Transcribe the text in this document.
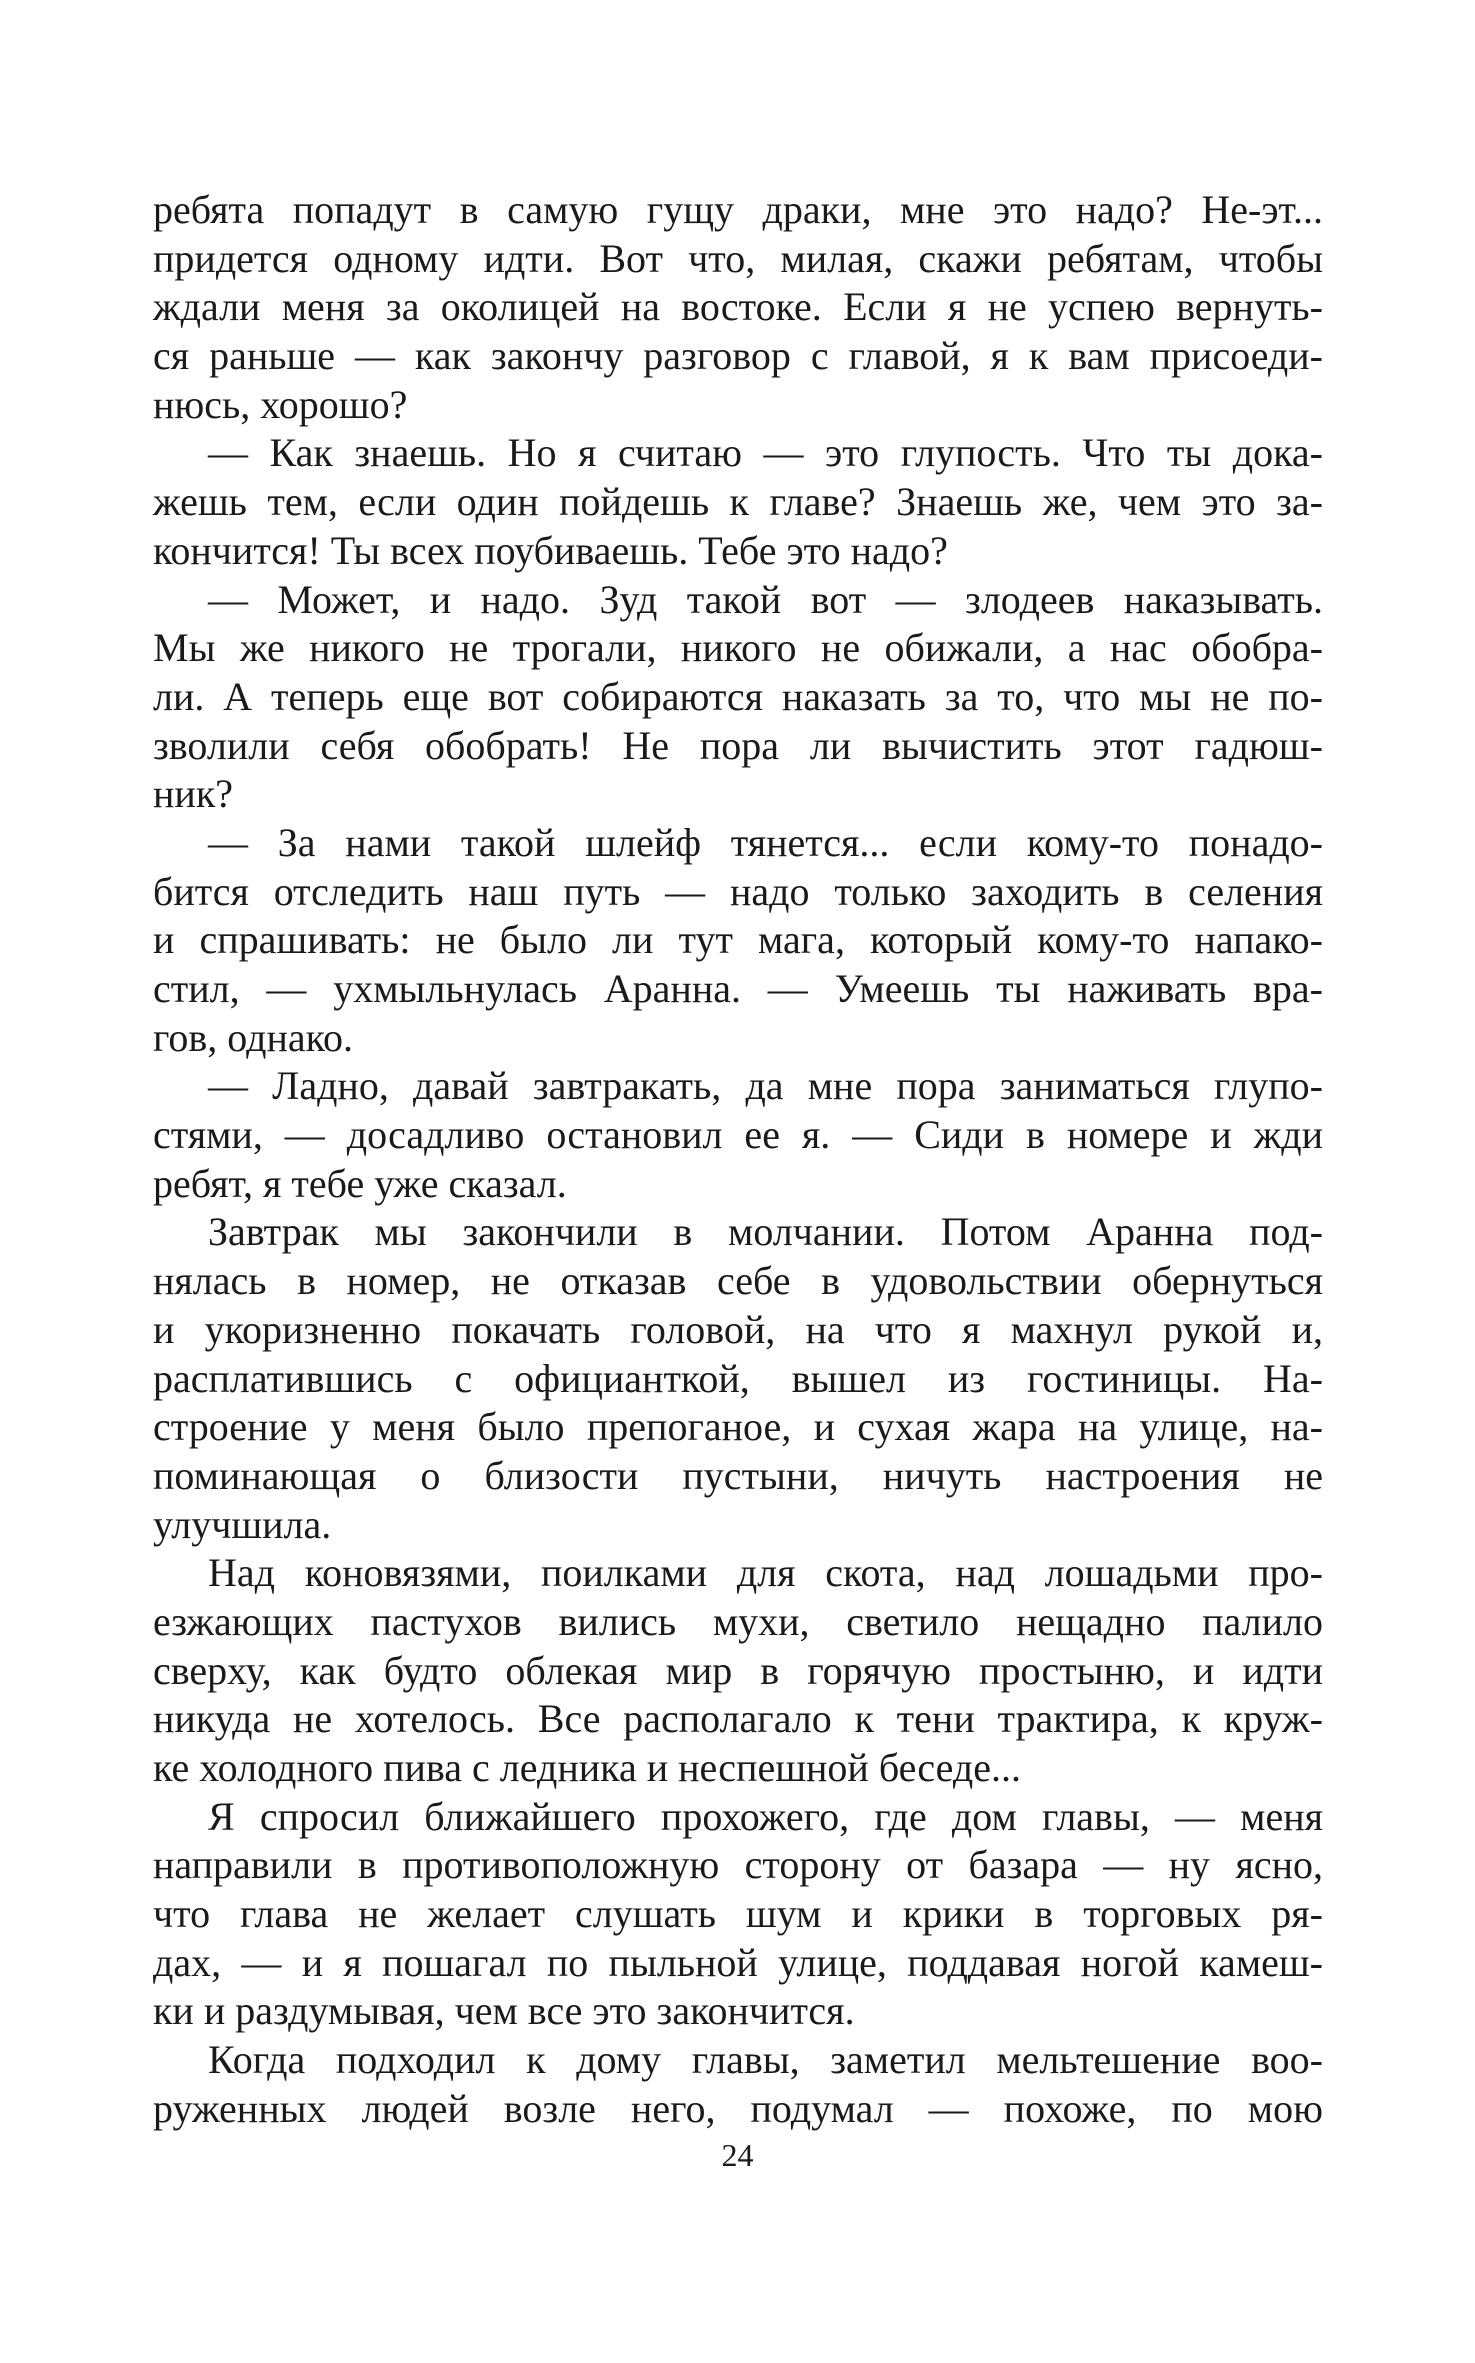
ребята попадут в самую гущу драки, мне это надо? Не-эт...
придется одному идти. Вот что, милая, скажи ребятам, чтобы
ждали меня за околицей на востоке. Если я не успею вернуть-
ся раньше — как закончу разговор с главой, я к вам присоеди-
нюсь, хорошо?
— Как знаешь. Но я считаю — это глупость. Что ты дока-
жешь тем, если один пойдешь к главе? Знаешь же, чем это за-
кончится! Ты всех поубиваешь. Тебе это надо?
— Может, и надо. Зуд такой вот — злодеев наказывать.
Мы же никого не трогали, никого не обижали, а нас обобра-
ли. А теперь еще вот собираются наказать за то, что мы не по-
зволили себя обобрать! Не пора ли вычистить этот гадюш-
ник?
— За нами такой шлейф тянется... если кому-то понадо-
бится отследить наш путь — надо только заходить в селения
и спрашивать: не было ли тут мага, который кому-то напако-
стил, — ухмыльнулась Аранна. — Умеешь ты наживать вра-
гов, однако.
— Ладно, давай завтракать, да мне пора заниматься глупо-
стями, — досадливо остановил ее я. — Сиди в номере и жди
ребят, я тебе уже сказал.
Завтрак мы закончили в молчании. Потом Аранна под-
нялась в номер, не отказав себе в удовольствии обернуться
и укоризненно покачать головой, на что я махнул рукой и,
расплатившись с официанткой, вышел из гостиницы. На-
строение у меня было препоганое, и сухая жара на улице, на-
поминающая о близости пустыни, ничуть настроения не
улучшила.
Над коновязями, поилками для скота, над лошадьми про-
езжающих пастухов вились мухи, светило нещадно палило
сверху, как будто облекая мир в горячую простыню, и идти
никуда не хотелось. Все располагало к тени трактира, к круж-
ке холодного пива с ледника и неспешной беседе...
Я спросил ближайшего прохожего, где дом главы, — меня
направили в противоположную сторону от базара — ну ясно,
что глава не желает слушать шум и крики в торговых ря-
дах, — и я пошагал по пыльной улице, поддавая ногой камеш-
ки и раздумывая, чем все это закончится.
Когда подходил к дому главы, заметил мельтешение воо-
руженных людей возле него, подумал — похоже, по мою
24
